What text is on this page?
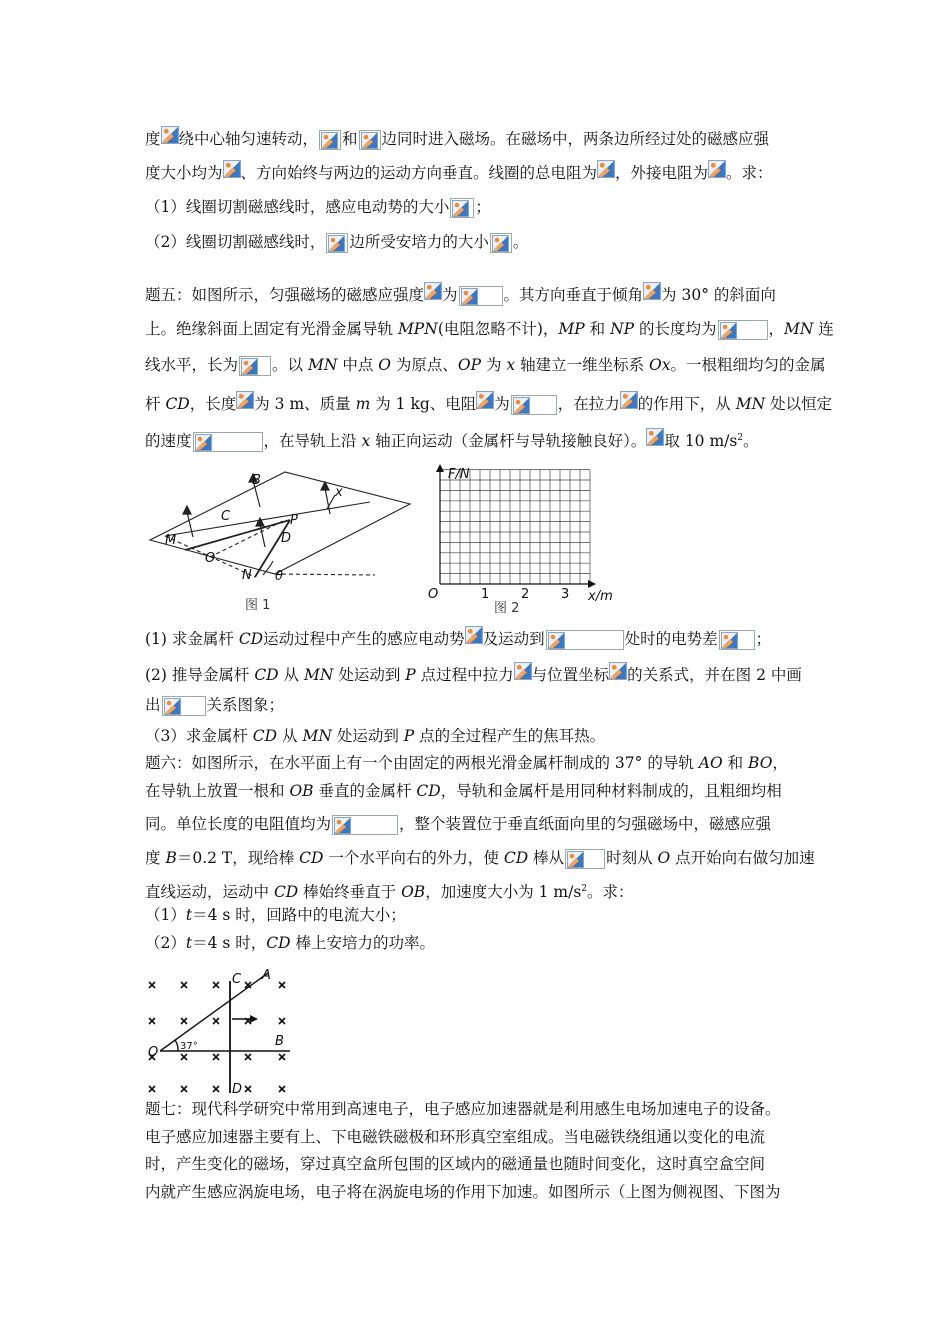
度 绕中心轴匀速转动， 和 边同时进入磁场。在磁场中，两条边所经过处的磁感应强
度大小均为 、方向始终与两边的运动方向垂直。线圈的总电阻为 ，外接电阻为 。求：
（1）线圈切割磁感线时，感应电动势的大小 ；
（2）线圈切割磁感线时， 边所受安培力的大小 。
题五：如图所示，匀强磁场的磁感应强度 为	。其方向垂直于倾角 为 30° 的斜面向
上。绝缘斜面上固定有光滑金属导轨 MPN(电阻忽略不计)，MP 和 NP 的长度均为	，MN 连
线水平，长为 。以 MN 中点 O 为原点、OP 为 x 轴建立一维坐标系 Ox。一根粗细均匀的金属
杆 CD，长度 为 3 m、质量 m 为 1 kg、电阻 为	，在拉力 的作用下，从 MN 处以恒定
的速度	，在导轨上沿 x 轴正向运动（金属杆与导轨接触良好）。 取 10 $m/s^2$。
B
x
C	P
M	D
O
N θ
图 1
F/N
x/m
O	1 2 3
图 2
(1) 求金属杆 CD运动过程中产生的感应电动势 及运动到	处时的电势差 ；
(2) 推导金属杆 CD 从 MN 处运动到 P 点过程中拉力 与位置坐标 的关系式，并在图 2 中画
出	关系图象；
（3）求金属杆 CD 从 MN 处运动到 P 点的全过程产生的焦耳热。
题六：如图所示，在水平面上有一个由固定的两根光滑金属杆制成的 37° 的导轨 AO 和 BO，
在导轨上放置一根和 OB 垂直的金属杆 CD，导轨和金属杆是用同种材料制成的，且粗细均相
同。单位长度的电阻值均为	，整个装置位于垂直纸面向里的匀强磁场中，磁感应强
度 B＝0.2 T，现给棒 CD 一个水平向右的外力，使 CD 棒从	时刻从 O 点开始向右做匀加速
直线运动，运动中 CD 棒始终垂直于 OB，加速度大小为 1 $m/s^2$。求：
（1）t＝4 s 时，回路中的电流大小；
（2）t＝4 s 时，CD 棒上安培力的功率。
C A
O 37°	B
D
题七：现代科学研究中常用到高速电子，电子感应加速器就是利用感生电场加速电子的设备。
电子感应加速器主要有上、下电磁铁磁极和环形真空室组成。当电磁铁绕组通以变化的电流
时，产生变化的磁场，穿过真空盒所包围的区域内的磁通量也随时间变化，这时真空盒空间
内就产生感应涡旋电场，电子将在涡旋电场的作用下加速。如图所示（上图为侧视图、下图为
